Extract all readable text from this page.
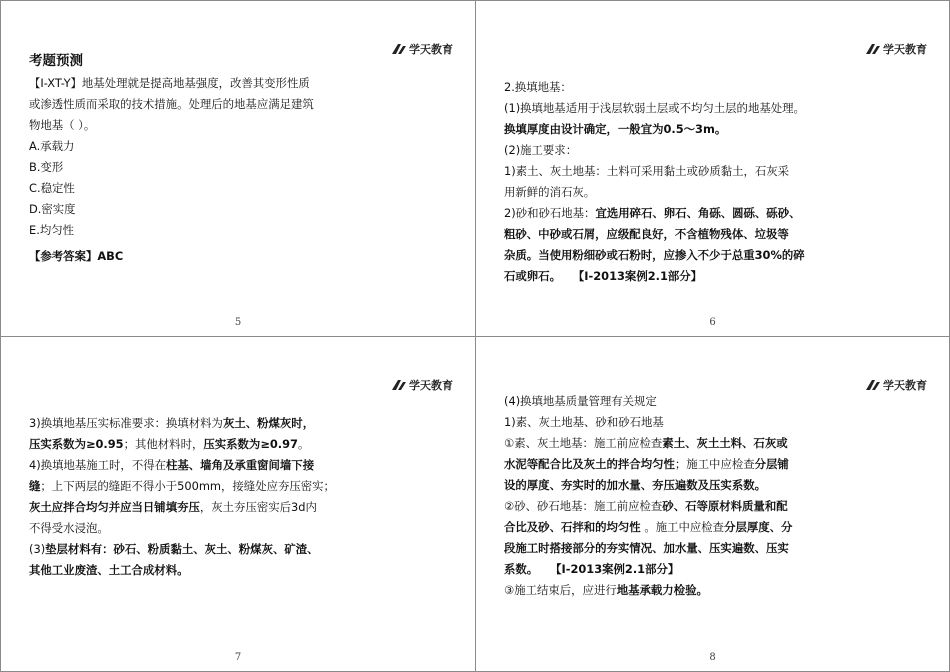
学天教育
考题预测
【Ⅰ-XT-Y】地基处理就是提高地基强度，改善其变形性质
或渗透性质而采取的技术措施。处理后的地基应满足建筑
物地基（ ）。
A.承载力
B.变形
C.稳定性
D.密实度
E.均匀性
【参考答案】ABC
5
学天教育
2.换填地基：
(1)换填地基适用于浅层软弱土层或不均匀土层的地基处理。
换填厚度由设计确定，一般宜为0.5～3m。
(2)施工要求：
1)素土、灰土地基：土料可采用黏土或砂质黏土，石灰采
用新鲜的消石灰。
2)砂和砂石地基：宜选用碎石、卵石、角砾、圆砾、砾砂、
粗砂、中砂或石屑，应级配良好，不含植物残体、垃圾等
杂质。当使用粉细砂或石粉时，应掺入不少于总重30%的碎
石或卵石。 【Ⅰ-2013案例2.1部分】
6
学天教育
3)换填地基压实标准要求：换填材料为灰土、粉煤灰时，
压实系数为≥0.95；其他材料时，压实系数为≥0.97。
4)换填地基施工时，不得在柱基、墙角及承重窗间墙下接
缝；上下两层的缝距不得小于500mm，接缝处应夯压密实；
灰土应拌合均匀并应当日铺填夯压，灰土夯压密实后3d内
不得受水浸泡。
(3)垫层材料有：砂石、粉质黏土、灰土、粉煤灰、矿渣、
其他工业废渣、土工合成材料。
7
学天教育
(4)换填地基质量管理有关规定
1)素、灰土地基、砂和砂石地基
①素、灰土地基：施工前应检查素土、灰土土料、石灰或
水泥等配合比及灰土的拌合均匀性；施工中应检查分层铺
设的厚度、夯实时的加水量、夯压遍数及压实系数。
②砂、砂石地基：施工前应检查砂、石等原材料质量和配
合比及砂、石拌和的均匀性 。施工中应检查分层厚度、分
段施工时搭接部分的夯实情况、加水量、压实遍数、压实
系数。 【Ⅰ-2013案例2.1部分】
③施工结束后，应进行地基承载力检验。
8
